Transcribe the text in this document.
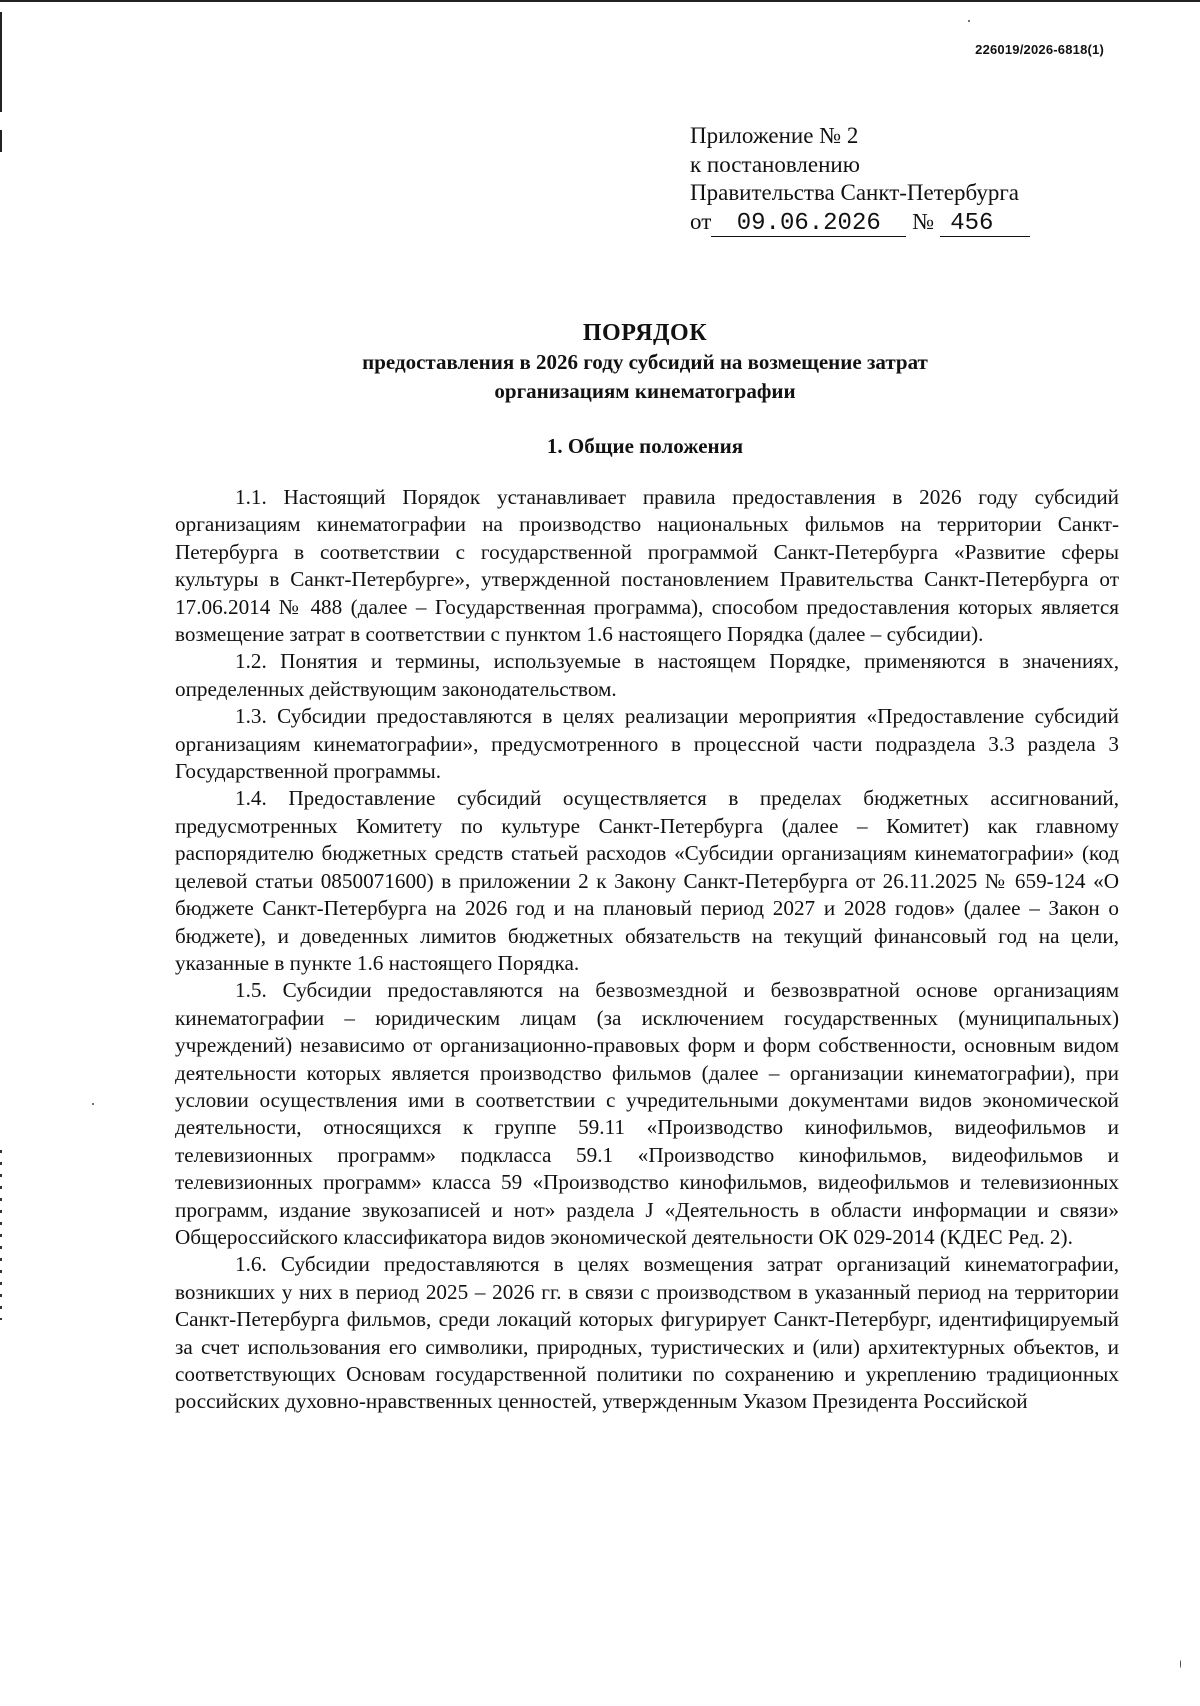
226019/2026-6818(1)
Приложение № 2
к постановлению
Правительства Санкт-Петербурга
от 09.06.2026 № 456
ПОРЯДОК
предоставления в 2026 году субсидий на возмещение затрат
организациям кинематографии
1. Общие положения

1.1. Настоящий Порядок устанавливает правила предоставления в 2026 году субсидий организациям кинематографии на производство национальных фильмов на территории Санкт-Петербурга в соответствии с государственной программой Санкт-Петербурга «Развитие сферы культуры в Санкт-Петербурге», утвержденной постановлением Правительства Санкт-Петербурга от 17.06.2014 № 488 (далее – Государственная программа), способом предоставления которых является возмещение затрат в соответствии с пунктом 1.6 настоящего Порядка (далее – субсидии).

1.2. Понятия и термины, используемые в настоящем Порядке, применяются в значениях, определенных действующим законодательством.

1.3. Субсидии предоставляются в целях реализации мероприятия «Предоставление субсидий организациям кинематографии», предусмотренного в процессной части подраздела 3.3 раздела 3 Государственной программы.

1.4. Предоставление субсидий осуществляется в пределах бюджетных ассигнований, предусмотренных Комитету по культуре Санкт-Петербурга (далее – Комитет) как главному распорядителю бюджетных средств статьей расходов «Субсидии организациям кинематографии» (код целевой статьи 0850071600) в приложении 2 к Закону Санкт-Петербурга от 26.11.2025 № 659-124 «О бюджете Санкт-Петербурга на 2026 год и на плановый период 2027 и 2028 годов» (далее – Закон о бюджете), и доведенных лимитов бюджетных обязательств на текущий финансовый год на цели, указанные в пункте 1.6 настоящего Порядка.

1.5. Субсидии предоставляются на безвозмездной и безвозвратной основе организациям кинематографии – юридическим лицам (за исключением государственных (муниципальных) учреждений) независимо от организационно-правовых форм и форм собственности, основным видом деятельности которых является производство фильмов (далее – организации кинематографии), при условии осуществления ими в соответствии с учредительными документами видов экономической деятельности, относящихся к группе 59.11 «Производство кинофильмов, видеофильмов и телевизионных программ» подкласса 59.1 «Производство кинофильмов, видеофильмов и телевизионных программ» класса 59 «Производство кинофильмов, видеофильмов и телевизионных программ, издание звукозаписей и нот» раздела J «Деятельность в области информации и связи» Общероссийского классификатора видов экономической деятельности ОК 029-2014 (КДЕС Ред. 2).

1.6. Субсидии предоставляются в целях возмещения затрат организаций кинематографии, возникших у них в период 2025 – 2026 гг. в связи с производством в указанный период на территории Санкт-Петербурга фильмов, среди локаций которых фигурирует Санкт-Петербург, идентифицируемый за счет использования его символики, природных, туристических и (или) архитектурных объектов, и соответствующих Основам государственной политики по сохранению и укреплению традиционных российских духовно-нравственных ценностей, утвержденным Указом Президента Российской
